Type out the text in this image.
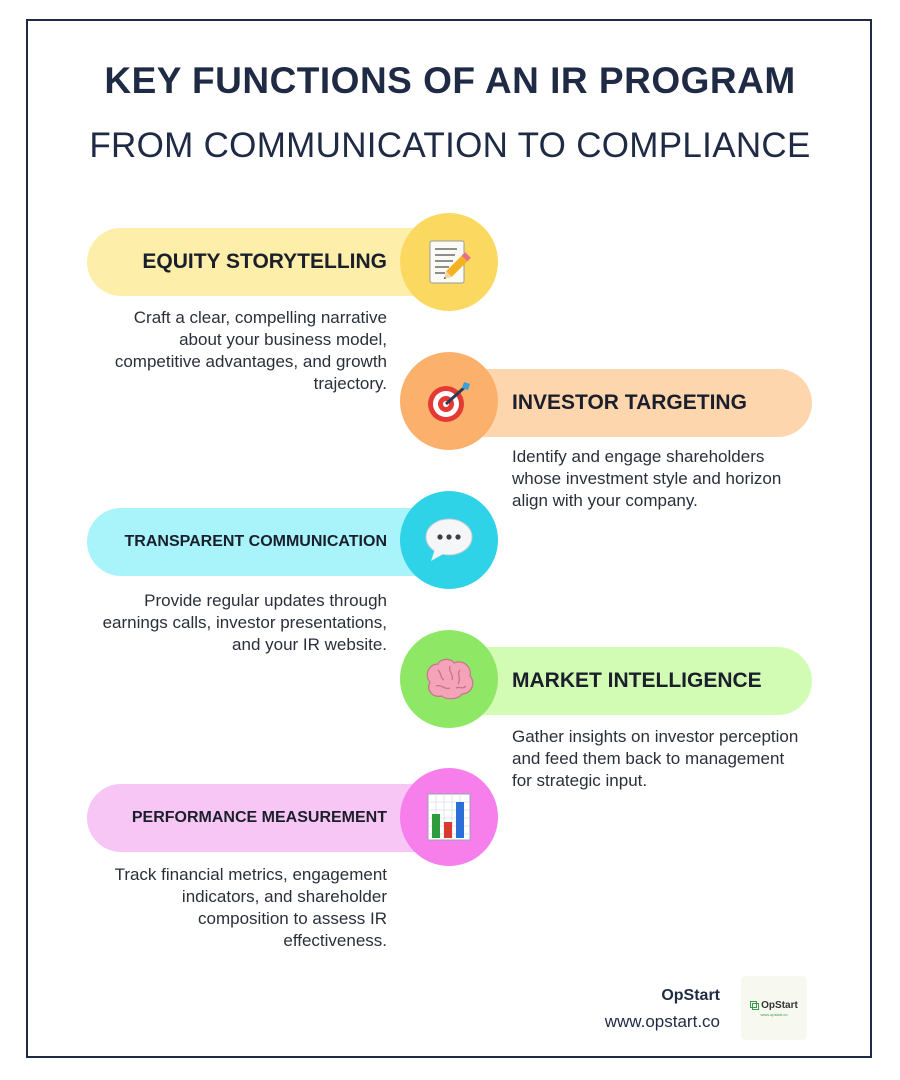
KEY FUNCTIONS OF AN IR PROGRAM
FROM COMMUNICATION TO COMPLIANCE
EQUITY STORYTELLING
Craft a clear, compelling narrative about your business model, competitive advantages, and growth trajectory.
INVESTOR TARGETING
Identify and engage shareholders whose investment style and horizon align with your company.
TRANSPARENT COMMUNICATION
Provide regular updates through earnings calls, investor presentations, and your IR website.
MARKET INTELLIGENCE
Gather insights on investor perception and feed them back to management for strategic input.
PERFORMANCE MEASUREMENT
Track financial metrics, engagement indicators, and shareholder composition to assess IR effectiveness.
OpStart
www.opstart.co
OpStart
www.opstart.co
